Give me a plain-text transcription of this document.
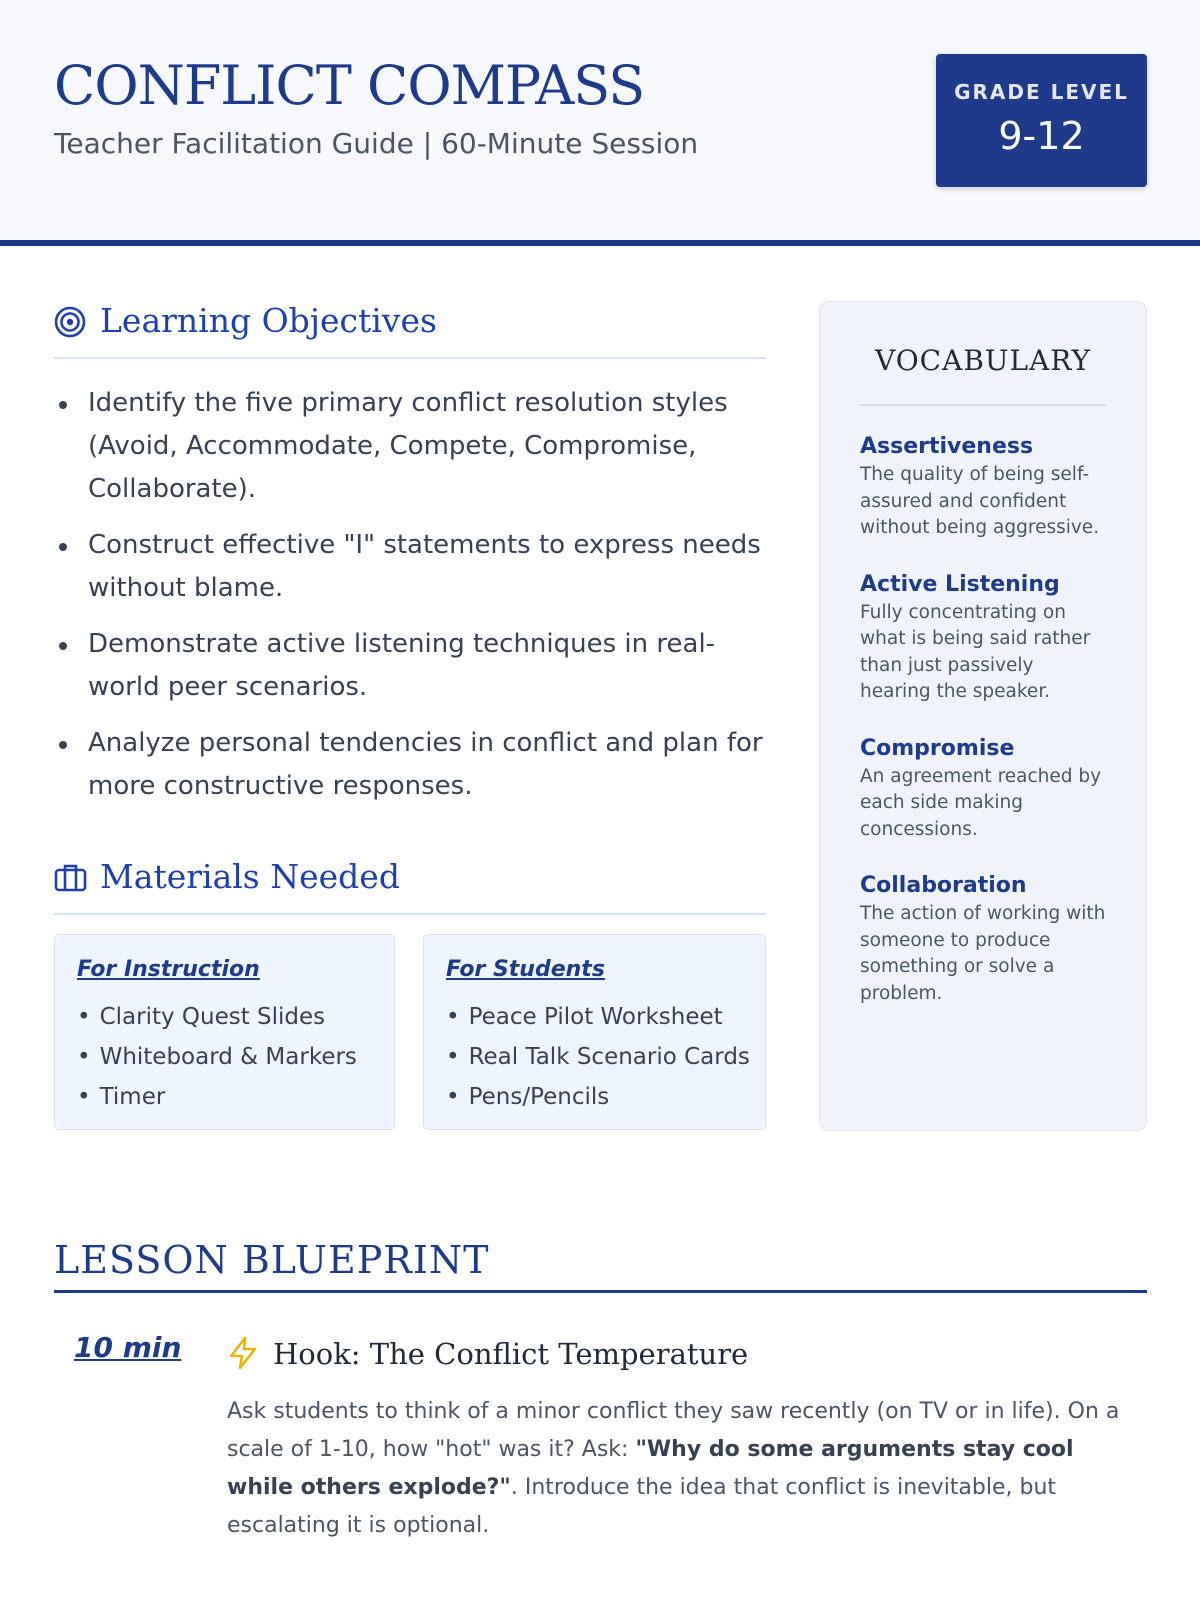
CONFLICT COMPASS
Teacher Facilitation Guide | 60-Minute Session
GRADE LEVEL
9-12
Learning Objectives
Identify the five primary conflict resolution styles (Avoid, Accommodate, Compete, Compromise, Collaborate).
Construct effective "I" statements to express needs without blame.
Demonstrate active listening techniques in real-world peer scenarios.
Analyze personal tendencies in conflict and plan for more constructive responses.
Materials Needed
For Instruction
• Clarity Quest Slides
• Whiteboard & Markers
• Timer
For Students
• Peace Pilot Worksheet
• Real Talk Scenario Cards
• Pens/Pencils
VOCABULARY
Assertiveness
The quality of being self-assured and confident without being aggressive.
Active Listening
Fully concentrating on what is being said rather than just passively hearing the speaker.
Compromise
An agreement reached by each side making concessions.
Collaboration
The action of working with someone to produce something or solve a problem.
LESSON BLUEPRINT
10 min	Hook: The Conflict Temperature
Ask students to think of a minor conflict they saw recently (on TV or in life). On a scale of 1-10, how "hot" was it? Ask: "Why do some arguments stay cool while others explode?". Introduce the idea that conflict is inevitable, but escalating it is optional.
